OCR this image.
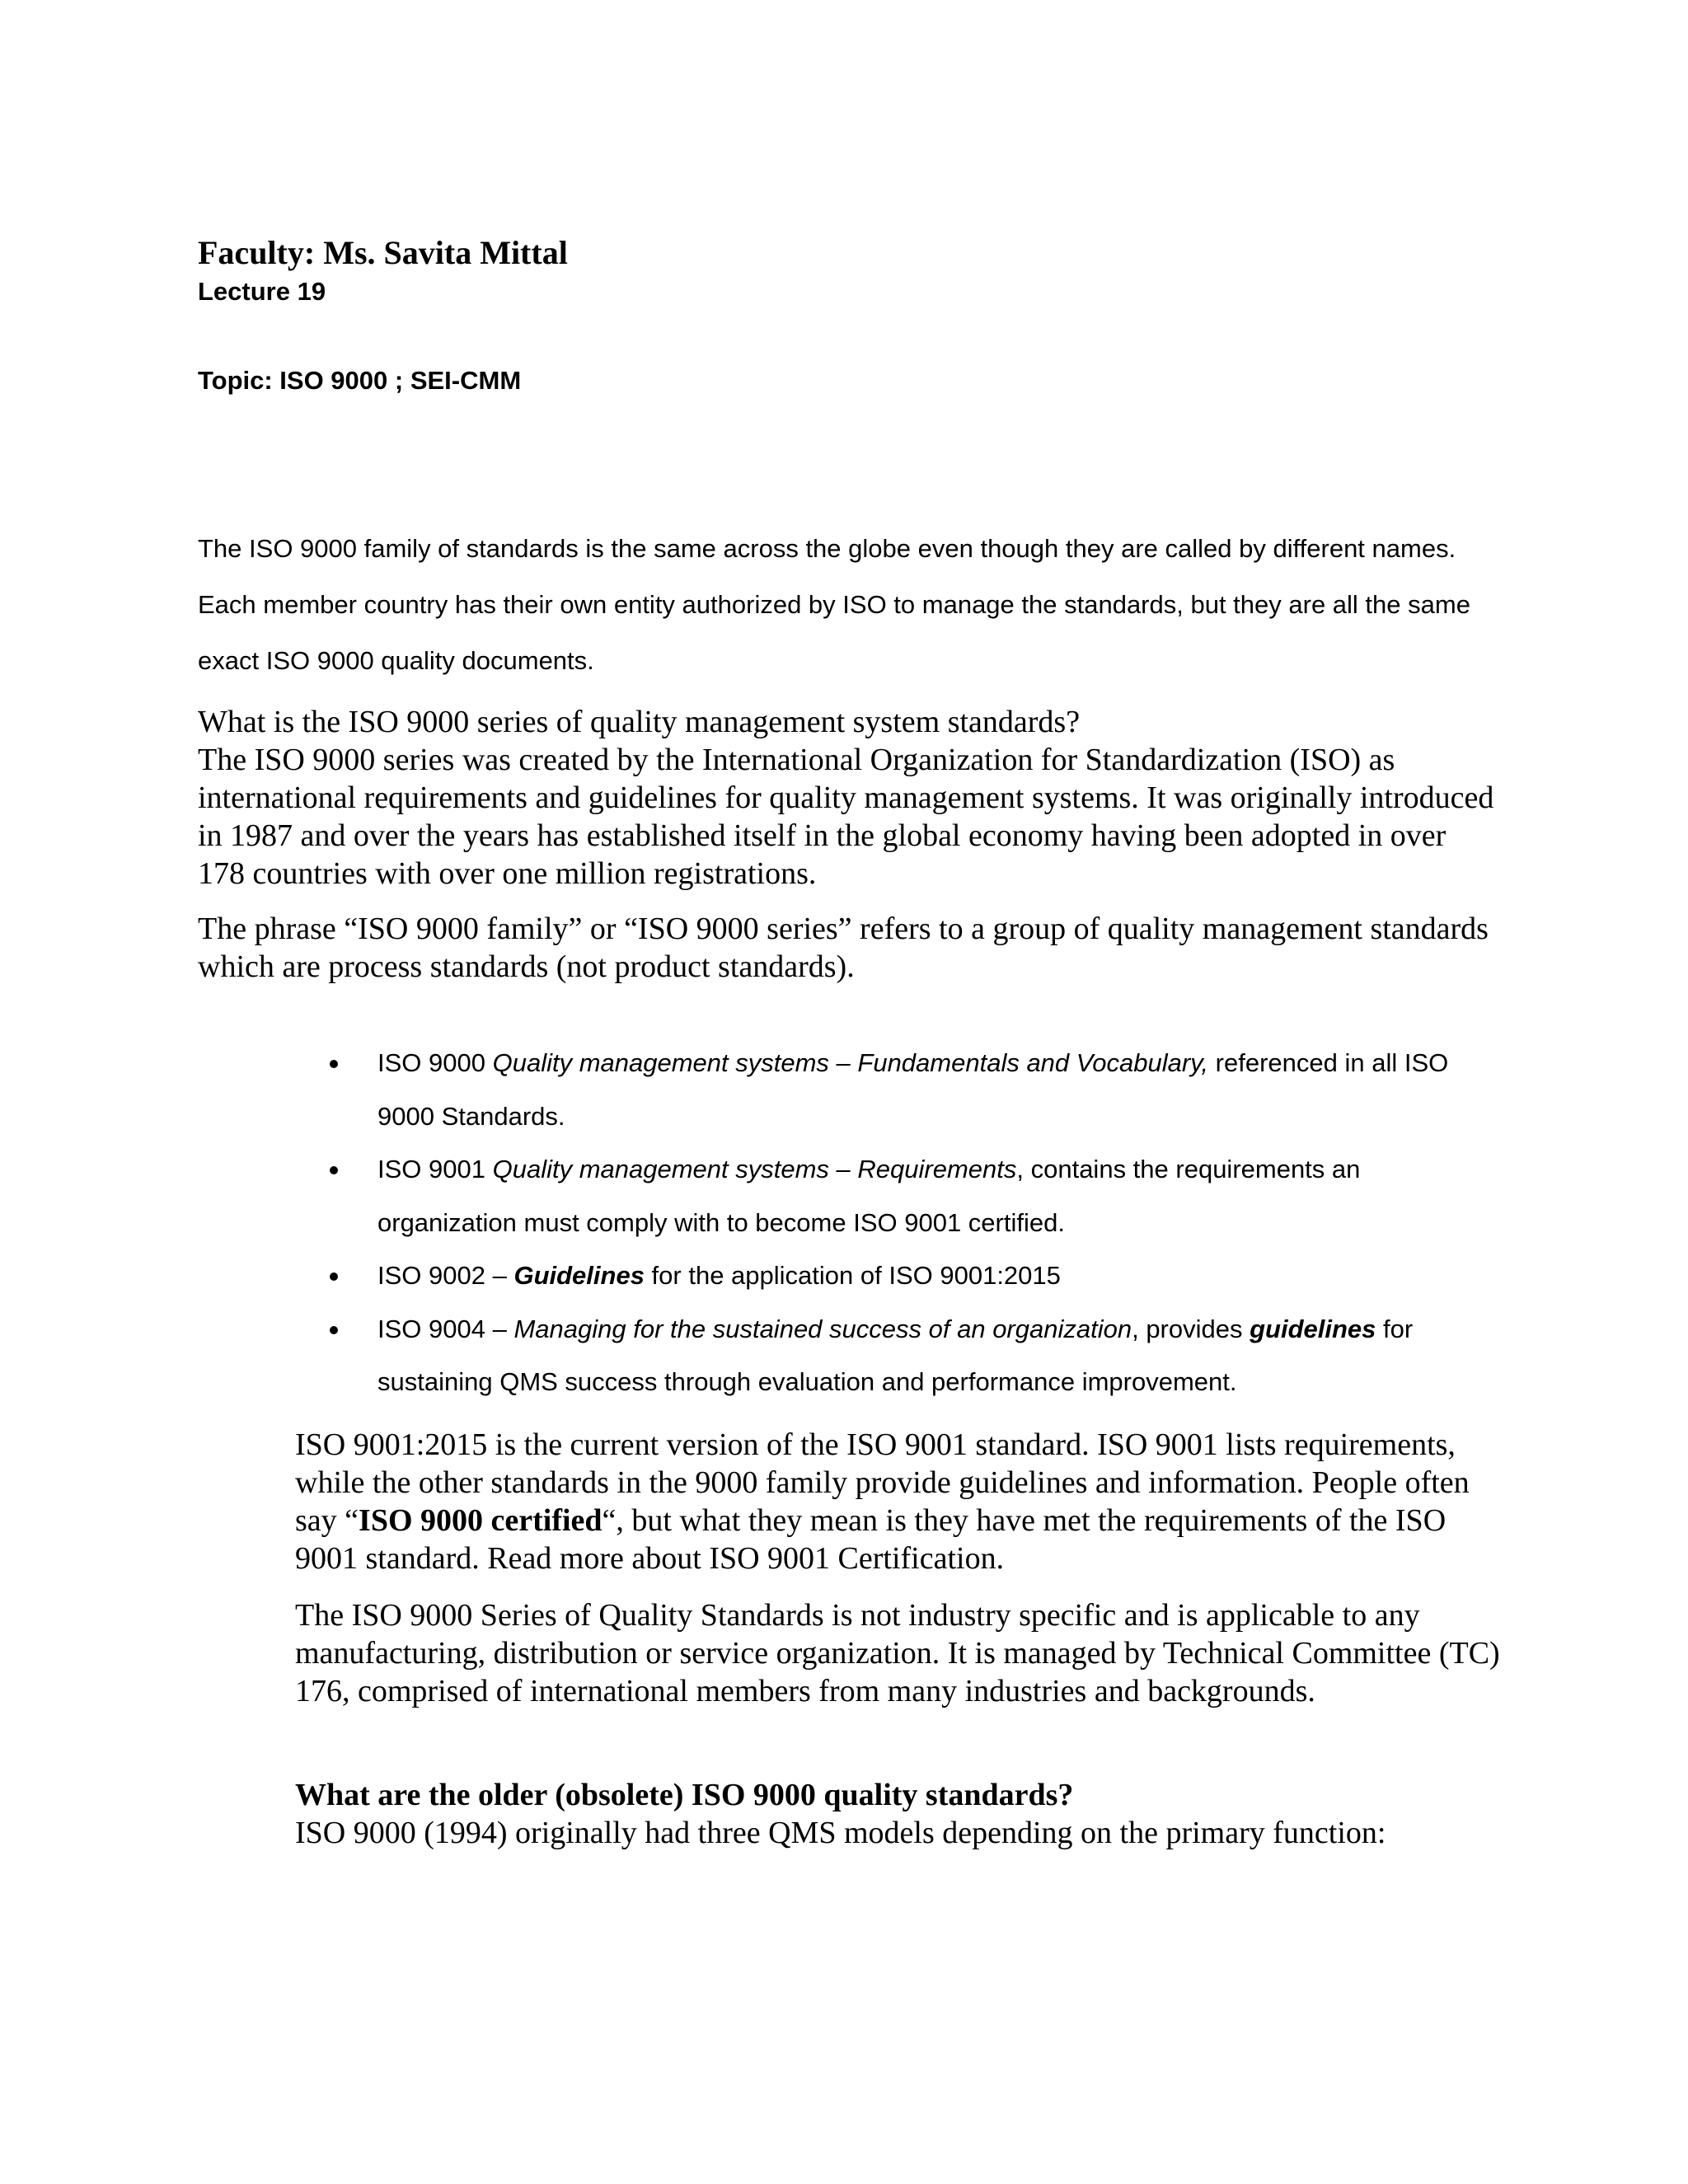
Faculty: Ms. Savita Mittal

Lecture 19

Topic: ISO 9000 ; SEI-CMM

The ISO 9000 family of standards is the same across the globe even though they are called by different names. Each member country has their own entity authorized by ISO to manage the standards, but they are all the same exact ISO 9000 quality documents.

What is the ISO 9000 series of quality management system standards?
The ISO 9000 series was created by the International Organization for Standardization (ISO) as international requirements and guidelines for quality management systems. It was originally introduced in 1987 and over the years has established itself in the global economy having been adopted in over 178 countries with over one million registrations.

The phrase “ISO 9000 family” or “ISO 9000 series” refers to a group of quality management standards which are process standards (not product standards).

ISO 9000 Quality management systems – Fundamentals and Vocabulary, referenced in all ISO 9000 Standards.
ISO 9001 Quality management systems – Requirements, contains the requirements an organization must comply with to become ISO 9001 certified.
ISO 9002 – Guidelines for the application of ISO 9001:2015
ISO 9004 – Managing for the sustained success of an organization, provides guidelines for sustaining QMS success through evaluation and performance improvement.

ISO 9001:2015 is the current version of the ISO 9001 standard. ISO 9001 lists requirements, while the other standards in the 9000 family provide guidelines and information. People often say “ISO 9000 certified“, but what they mean is they have met the requirements of the ISO 9001 standard. Read more about ISO 9001 Certification.

The ISO 9000 Series of Quality Standards is not industry specific and is applicable to any manufacturing, distribution or service organization. It is managed by Technical Committee (TC) 176, comprised of international members from many industries and backgrounds.

What are the older (obsolete) ISO 9000 quality standards?
ISO 9000 (1994) originally had three QMS models depending on the primary function:
